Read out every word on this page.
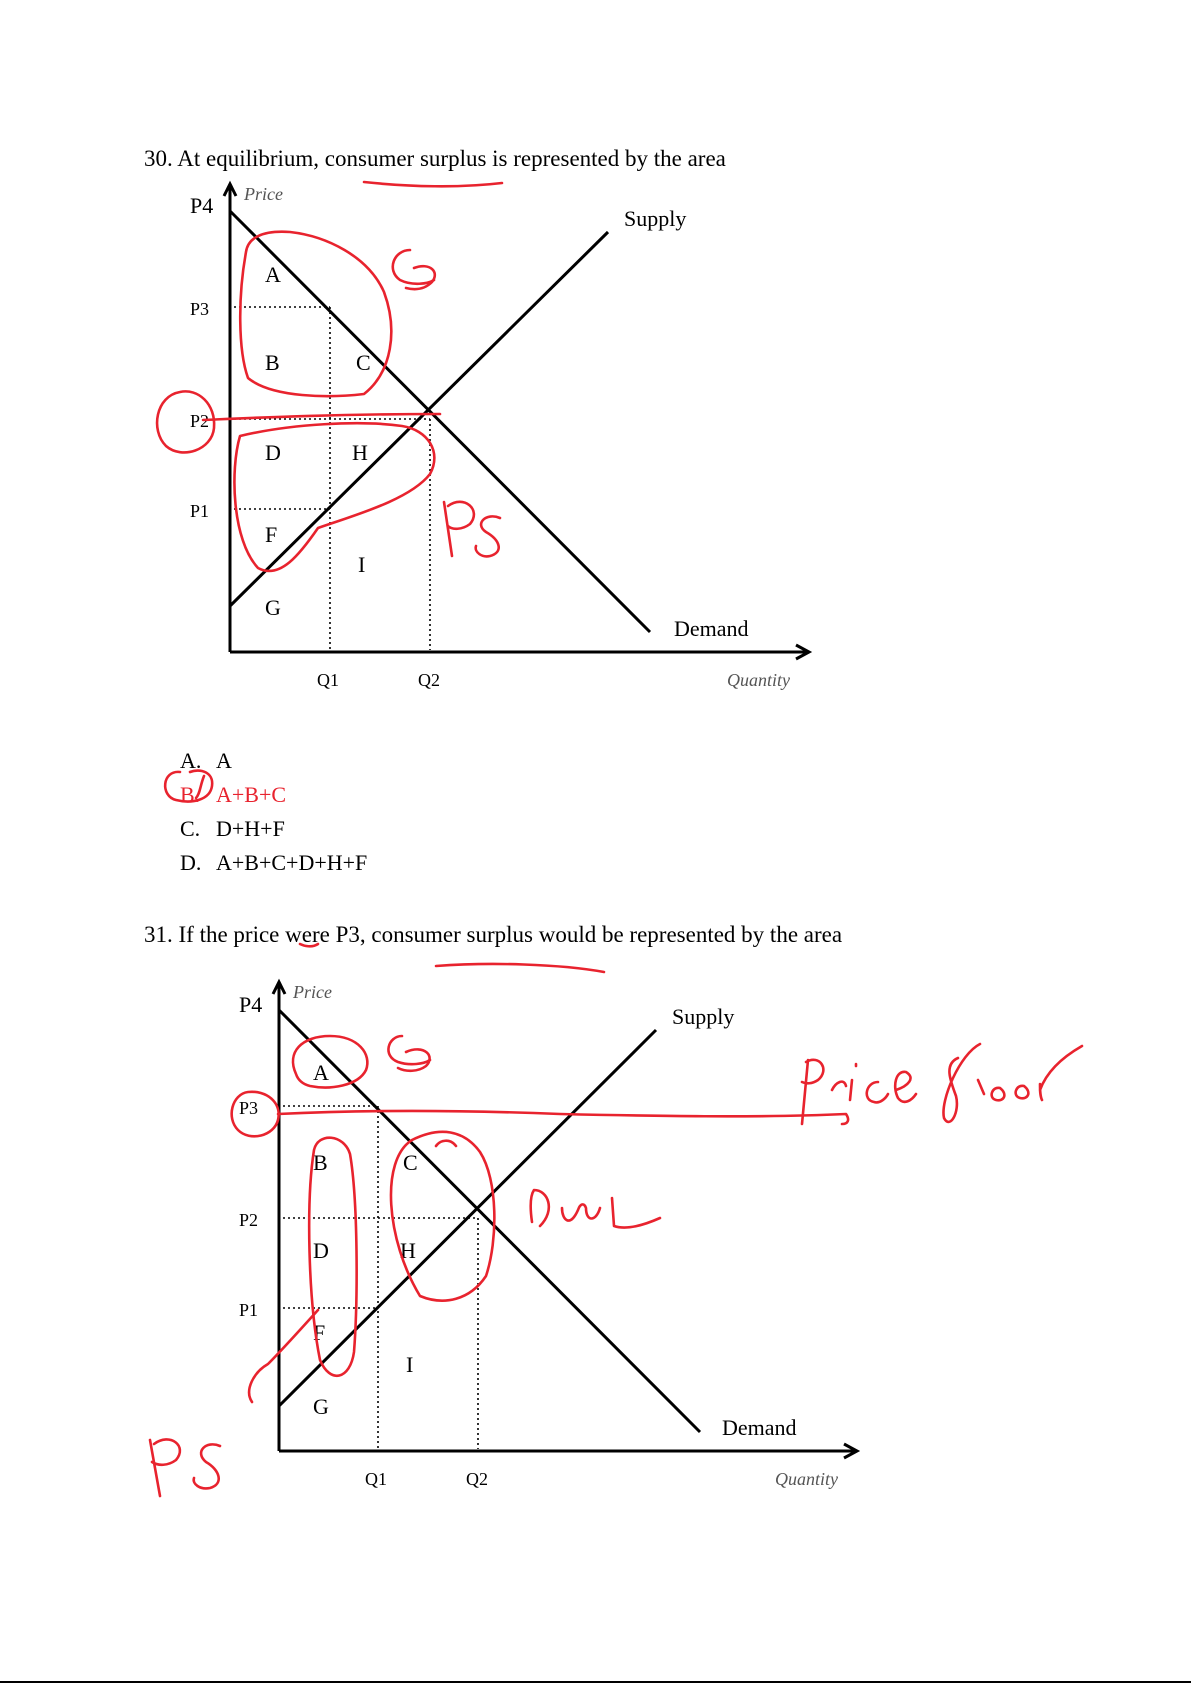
30. At equilibrium, consumer surplus is represented by the area
P4
P3
P2
P1
Price
Quantity
Q1	Q2
Supply
Demand
A
B	C
D	H
F
I
G
P4
P3
P2
P1
Price
Quantity
Q1	Q2
Supply
Demand
A
B	C
D	H
F
I
G
A. A
B. A+B+C
C. D+H+F
D. A+B+C+D+H+F
31. If the price were P3, consumer surplus would be represented by the area
